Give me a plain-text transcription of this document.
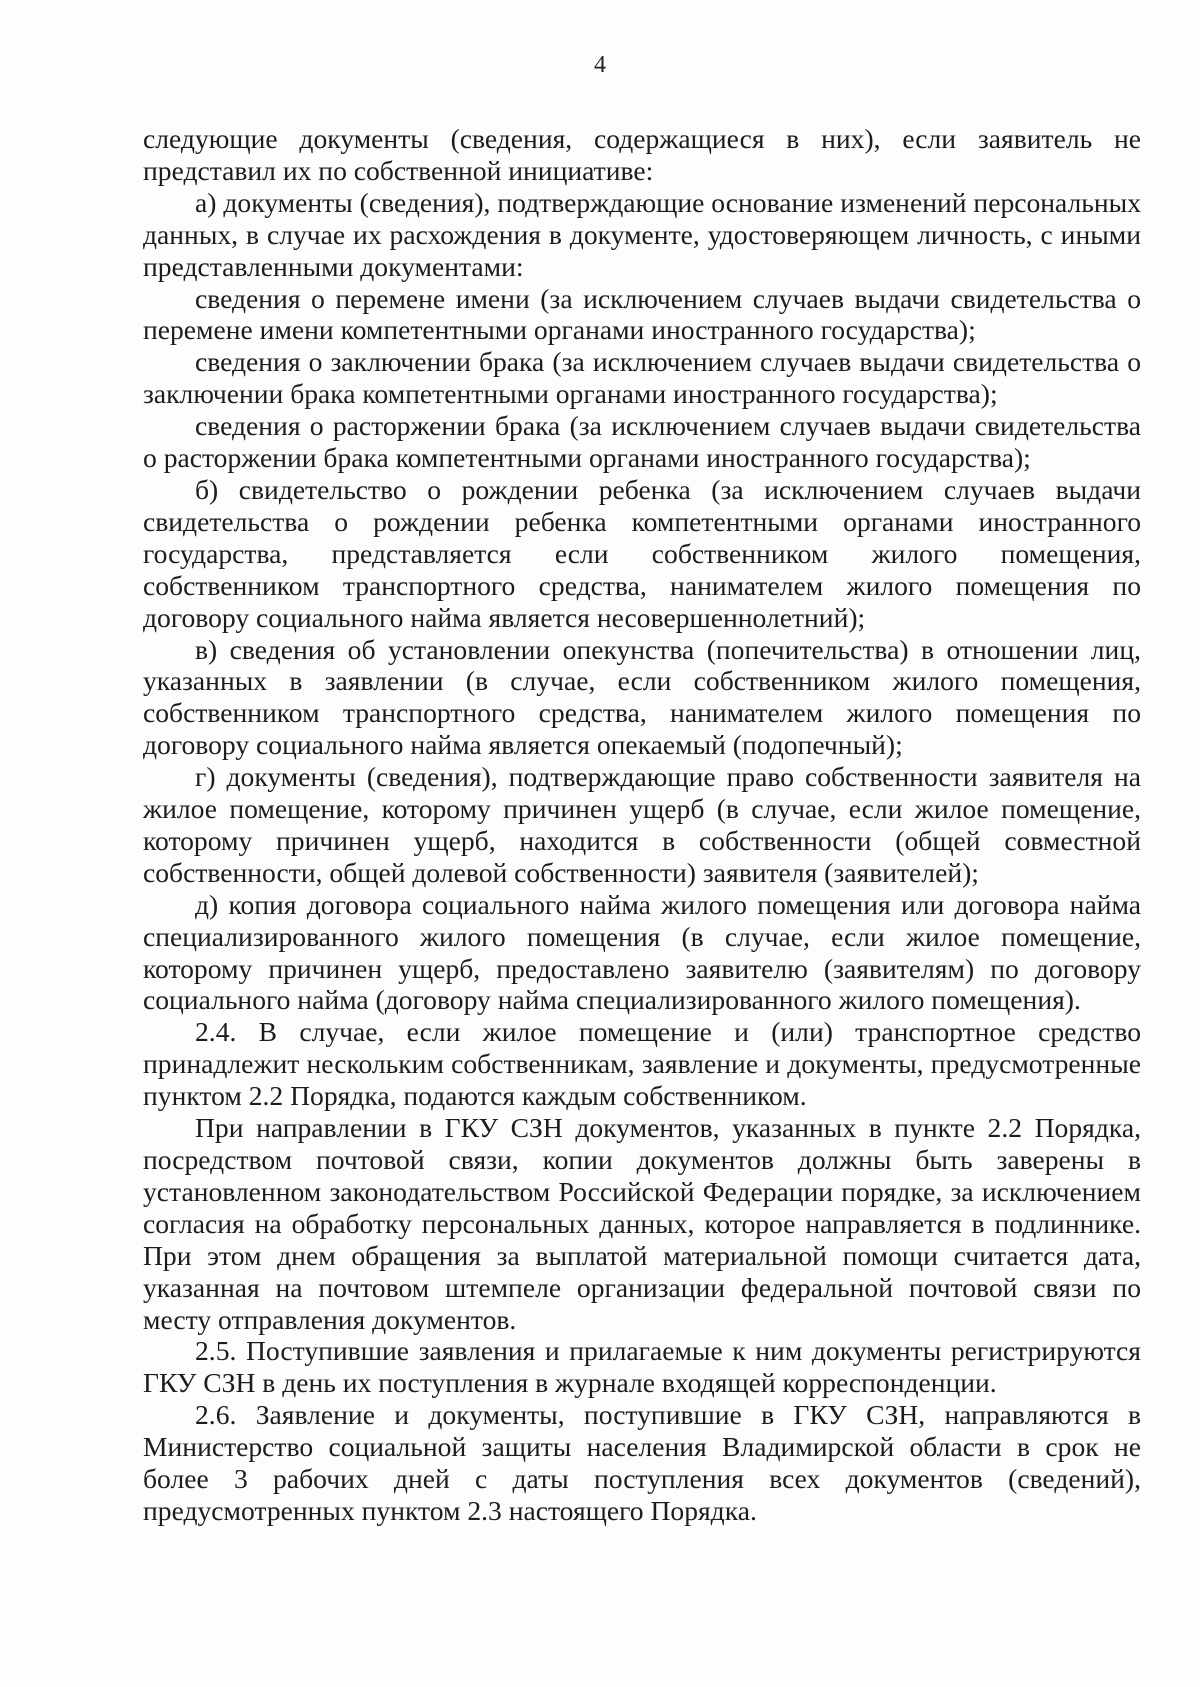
4

следующие документы (сведения, содержащиеся в них), если заявитель не представил их по собственной инициативе:

а) документы (сведения), подтверждающие основание изменений персональных данных, в случае их расхождения в документе, удостоверяющем личность, с иными представленными документами:

сведения о перемене имени (за исключением случаев выдачи свидетельства о перемене имени компетентными органами иностранного государства);

сведения о заключении брака (за исключением случаев выдачи свидетельства о заключении брака компетентными органами иностранного государства);

сведения о расторжении брака (за исключением случаев выдачи свидетельства о расторжении брака компетентными органами иностранного государства);

б) свидетельство о рождении ребенка (за исключением случаев выдачи свидетельства о рождении ребенка компетентными органами иностранного государства, представляется если собственником жилого помещения, собственником транспортного средства, нанимателем жилого помещения по договору социального найма является несовершеннолетний);

в) сведения об установлении опекунства (попечительства) в отношении лиц, указанных в заявлении (в случае, если собственником жилого помещения, собственником транспортного средства, нанимателем жилого помещения по договору социального найма является опекаемый (подопечный);

г) документы (сведения), подтверждающие право собственности заявителя на жилое помещение, которому причинен ущерб (в случае, если жилое помещение, которому причинен ущерб, находится в собственности (общей совместной собственности, общей долевой собственности) заявителя (заявителей);

д) копия договора социального найма жилого помещения или договора найма специализированного жилого помещения (в случае, если жилое помещение, которому причинен ущерб, предоставлено заявителю (заявителям) по договору социального найма (договору найма специализированного жилого помещения).

2.4. В случае, если жилое помещение и (или) транспортное средство принадлежит нескольким собственникам, заявление и документы, предусмотренные пунктом 2.2 Порядка, подаются каждым собственником.

При направлении в ГКУ СЗН документов, указанных в пункте 2.2 Порядка, посредством почтовой связи, копии документов должны быть заверены в установленном законодательством Российской Федерации порядке, за исключением согласия на обработку персональных данных, которое направляется в подлиннике. При этом днем обращения за выплатой материальной помощи считается дата, указанная на почтовом штемпеле организации федеральной почтовой связи по месту отправления документов.

2.5. Поступившие заявления и прилагаемые к ним документы регистрируются ГКУ СЗН в день их поступления в журнале входящей корреспонденции.

2.6. Заявление и документы, поступившие в ГКУ СЗН, направляются в Министерство социальной защиты населения Владимирской области в срок не более 3 рабочих дней с даты поступления всех документов (сведений), предусмотренных пунктом 2.3 настоящего Порядка.
